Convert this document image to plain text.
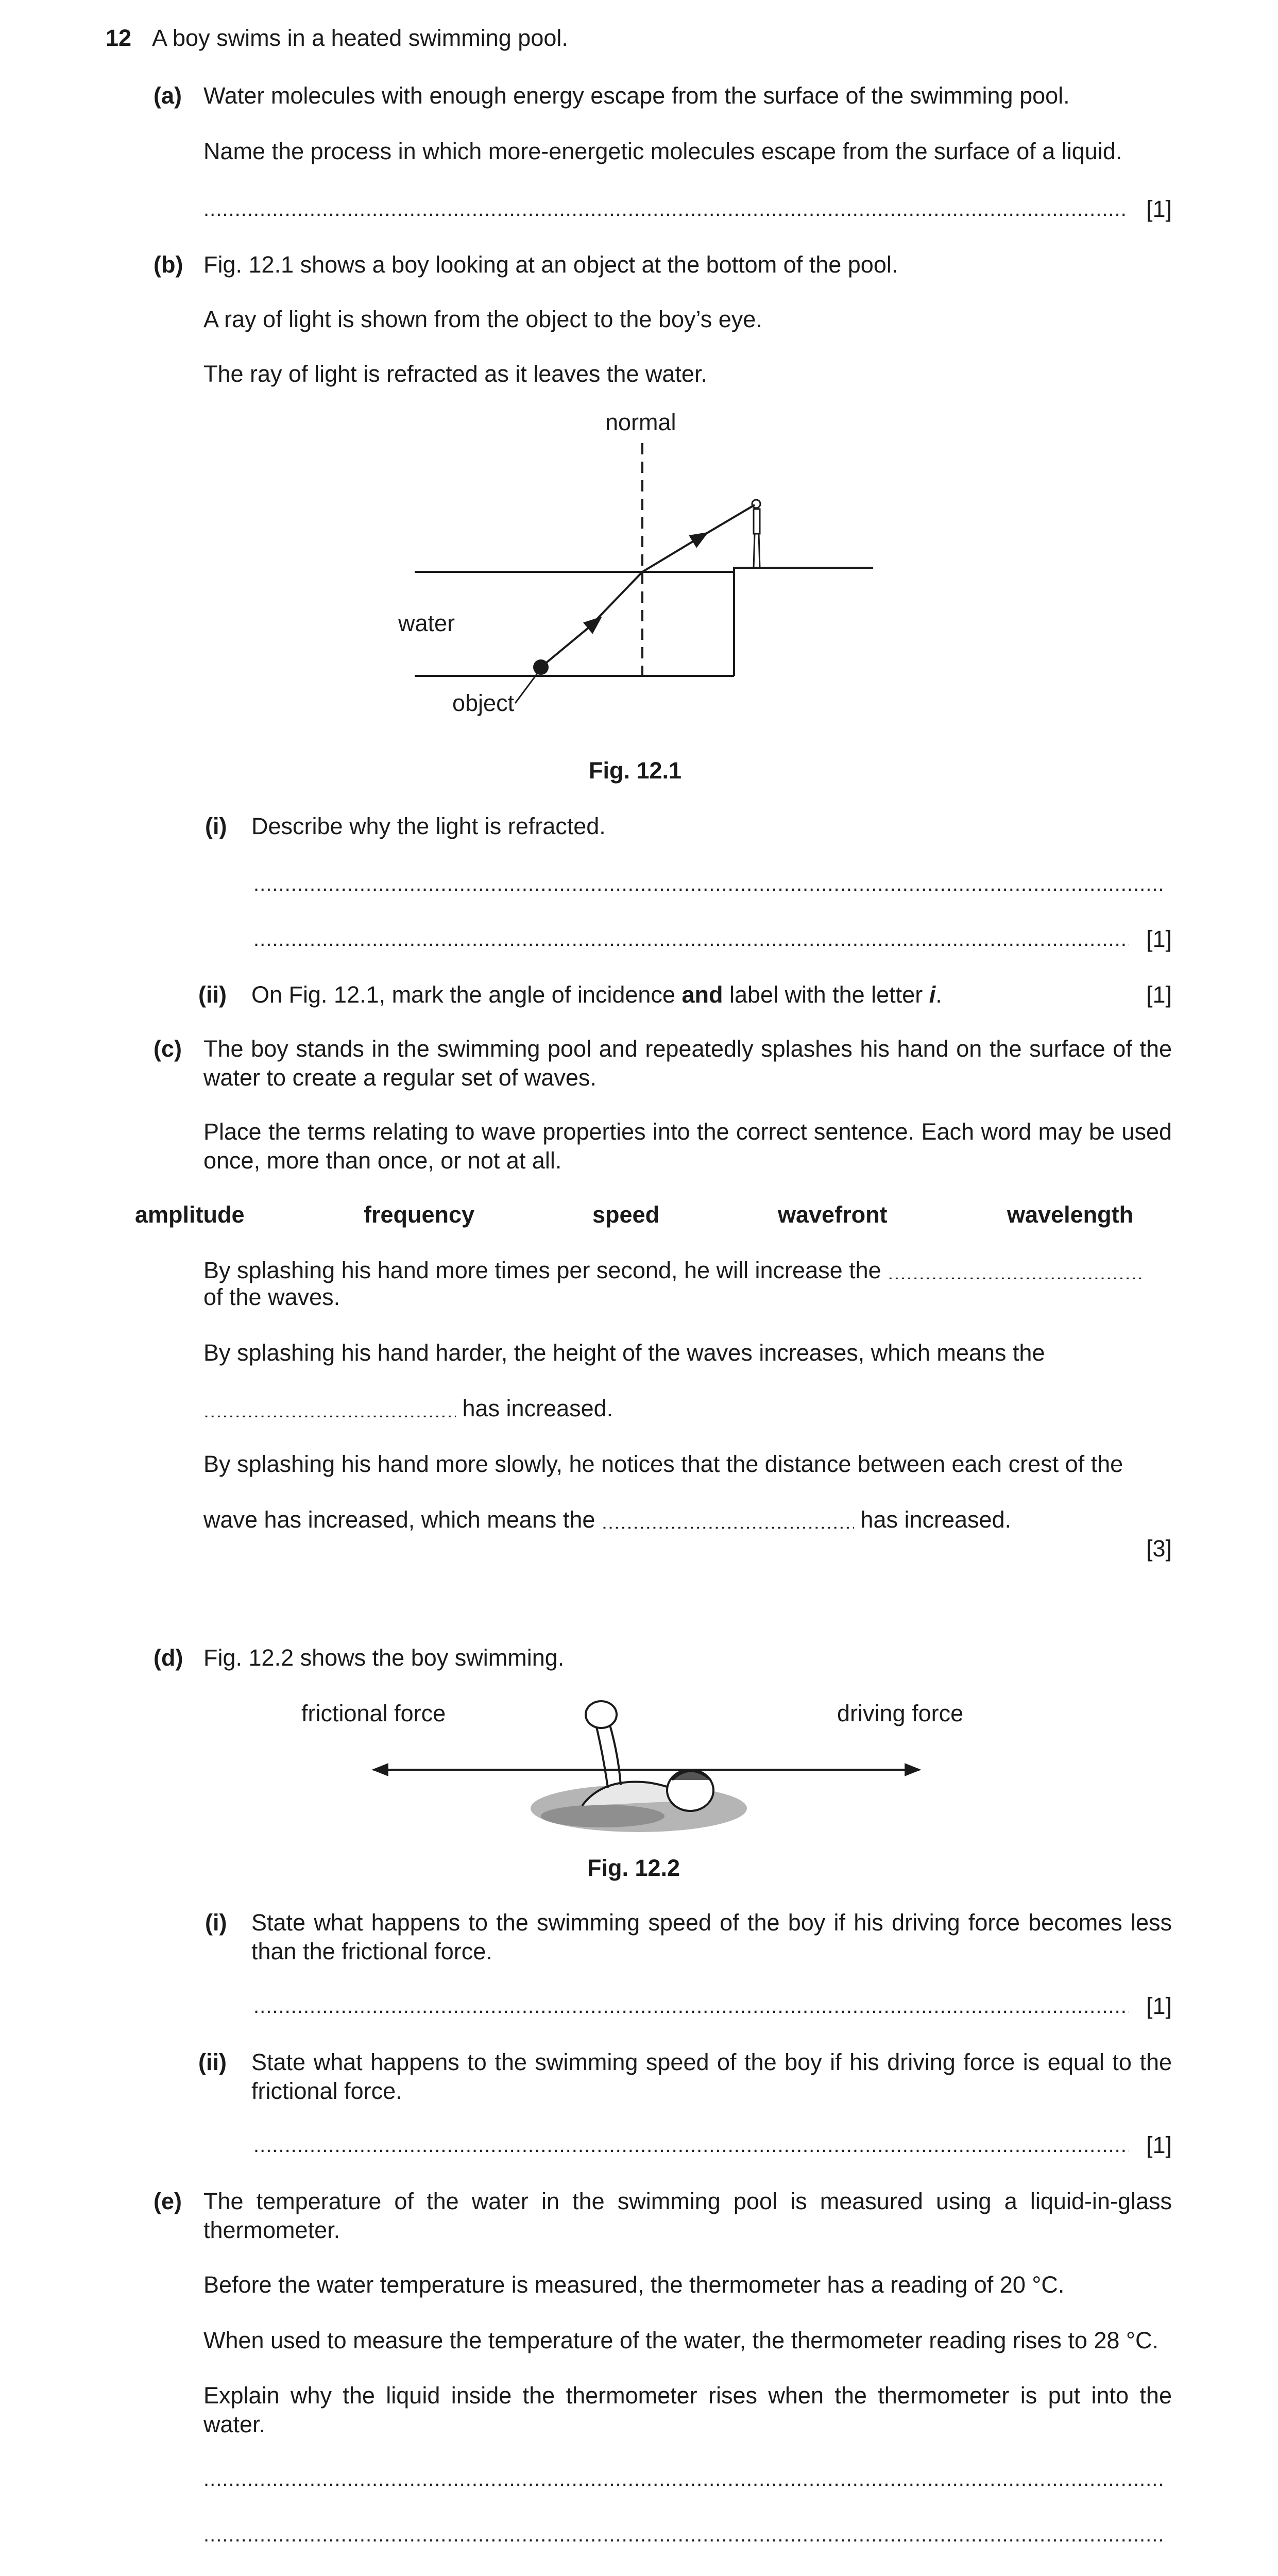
12 A boy swims in a heated swimming pool.
(a) Water molecules with enough energy escape from the surface of the swimming pool.
Name the process in which more-energetic molecules escape from the surface of a liquid.
.....
[1]
(b) Fig. 12.1 shows a boy looking at an object at the bottom of the pool.
A ray of light is shown from the object to the boy’s eye.
The ray of light is refracted as it leaves the water.
normal
water
object
Fig. 12.1
(i) Describe why the light is refracted.
.....
.....
[1]
(ii) On Fig. 12.1, mark the angle of incidence and label with the letter i.	[1]
(c) The boy stands in the swimming pool and repeatedly splashes his hand on the surface of the water to create a regular set of waves.
Place the terms relating to wave properties into the correct sentence. Each word may be used once, more than once, or not at all.
amplitude	frequency	speed	wavefront	wavelength
By splashing his hand more times per second, he will increase the .....
of the waves.
By splashing his hand harder, the height of the waves increases, which means the
..... has increased.
By splashing his hand more slowly, he notices that the distance between each crest of the
wave has increased, which means the .....	has increased.
[3]
(d) Fig. 12.2 shows the boy swimming.
frictional force	driving force
Fig. 12.2
(i) State what happens to the swimming speed of the boy if his driving force becomes less than the frictional force.
.....
[1]
(ii) State what happens to the swimming speed of the boy if his driving force is equal to the frictional force.
.....
[1]
(e) The temperature of the water in the swimming pool is measured using a liquid-in-glass thermometer.
Before the water temperature is measured, the thermometer has a reading of 20 °C.
When used to measure the temperature of the water, the thermometer reading rises to 28 °C.
Explain why the liquid inside the thermometer rises when the thermometer is put into the water.
.....
.....
